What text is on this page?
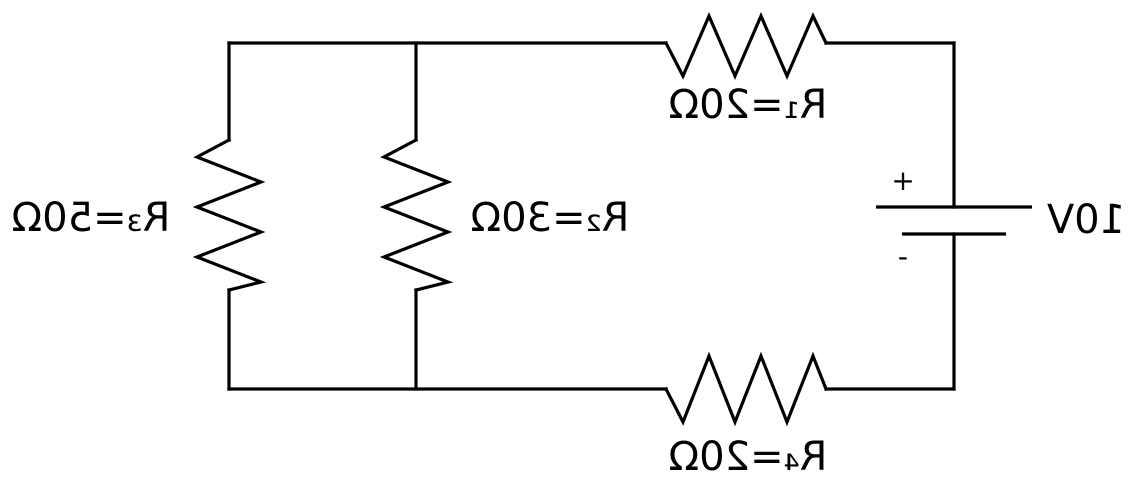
R₁=20Ω
R₄=20Ω
R₂=30Ω
R₃=50Ω	10V
+
-
